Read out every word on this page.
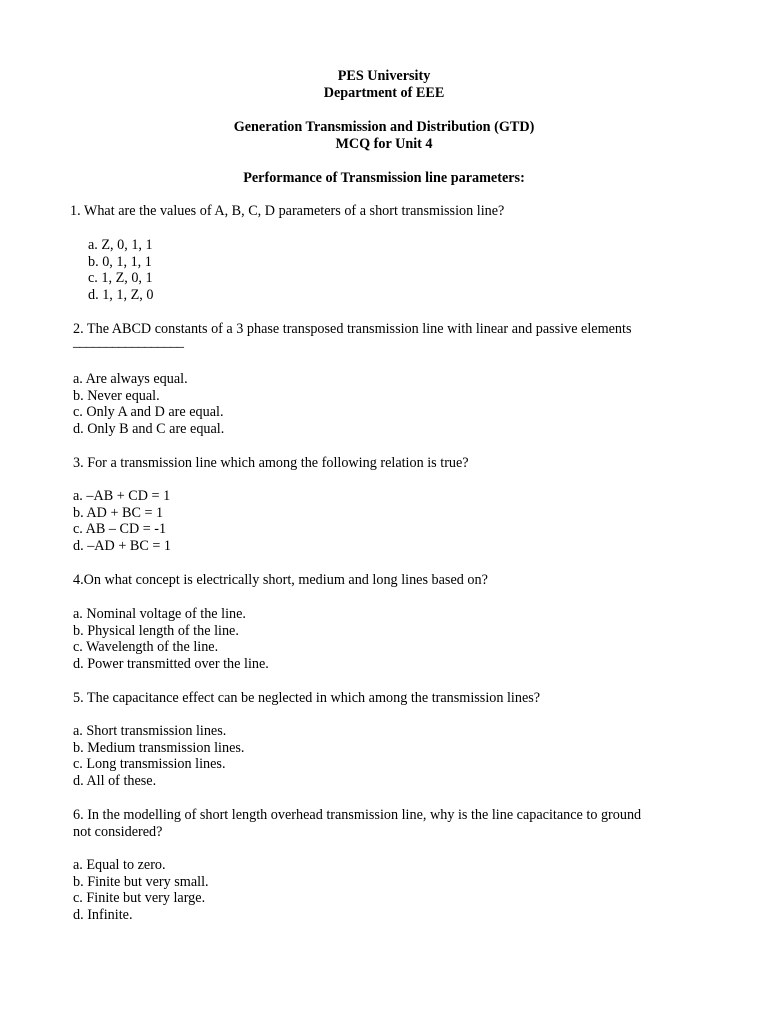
PES University
Department of EEE
Generation Transmission and Distribution (GTD)
MCQ for Unit 4
Performance of Transmission line parameters:
1. What are the values of A, B, C, D parameters of a short transmission line?
a. Z, 0, 1, 1
b. 0, 1, 1, 1
c. 1, Z, 0, 1
d. 1, 1, Z, 0
2. The ABCD constants of a 3 phase transposed transmission line with linear and passive elements
_________________
a. Are always equal.
b. Never equal.
c. Only A and D are equal.
d. Only B and C are equal.
3. For a transmission line which among the following relation is true?
a. –AB + CD = 1
b. AD + BC = 1
c. AB – CD = -1
d. –AD + BC = 1
4.On what concept is electrically short, medium and long lines based on?
a. Nominal voltage of the line.
b. Physical length of the line.
c. Wavelength of the line.
d. Power transmitted over the line.
5. The capacitance effect can be neglected in which among the transmission lines?
a. Short transmission lines.
b. Medium transmission lines.
c. Long transmission lines.
d. All of these.
6. In the modelling of short length overhead transmission line, why is the line capacitance to ground
not considered?
a. Equal to zero.
b. Finite but very small.
c. Finite but very large.
d. Infinite.
